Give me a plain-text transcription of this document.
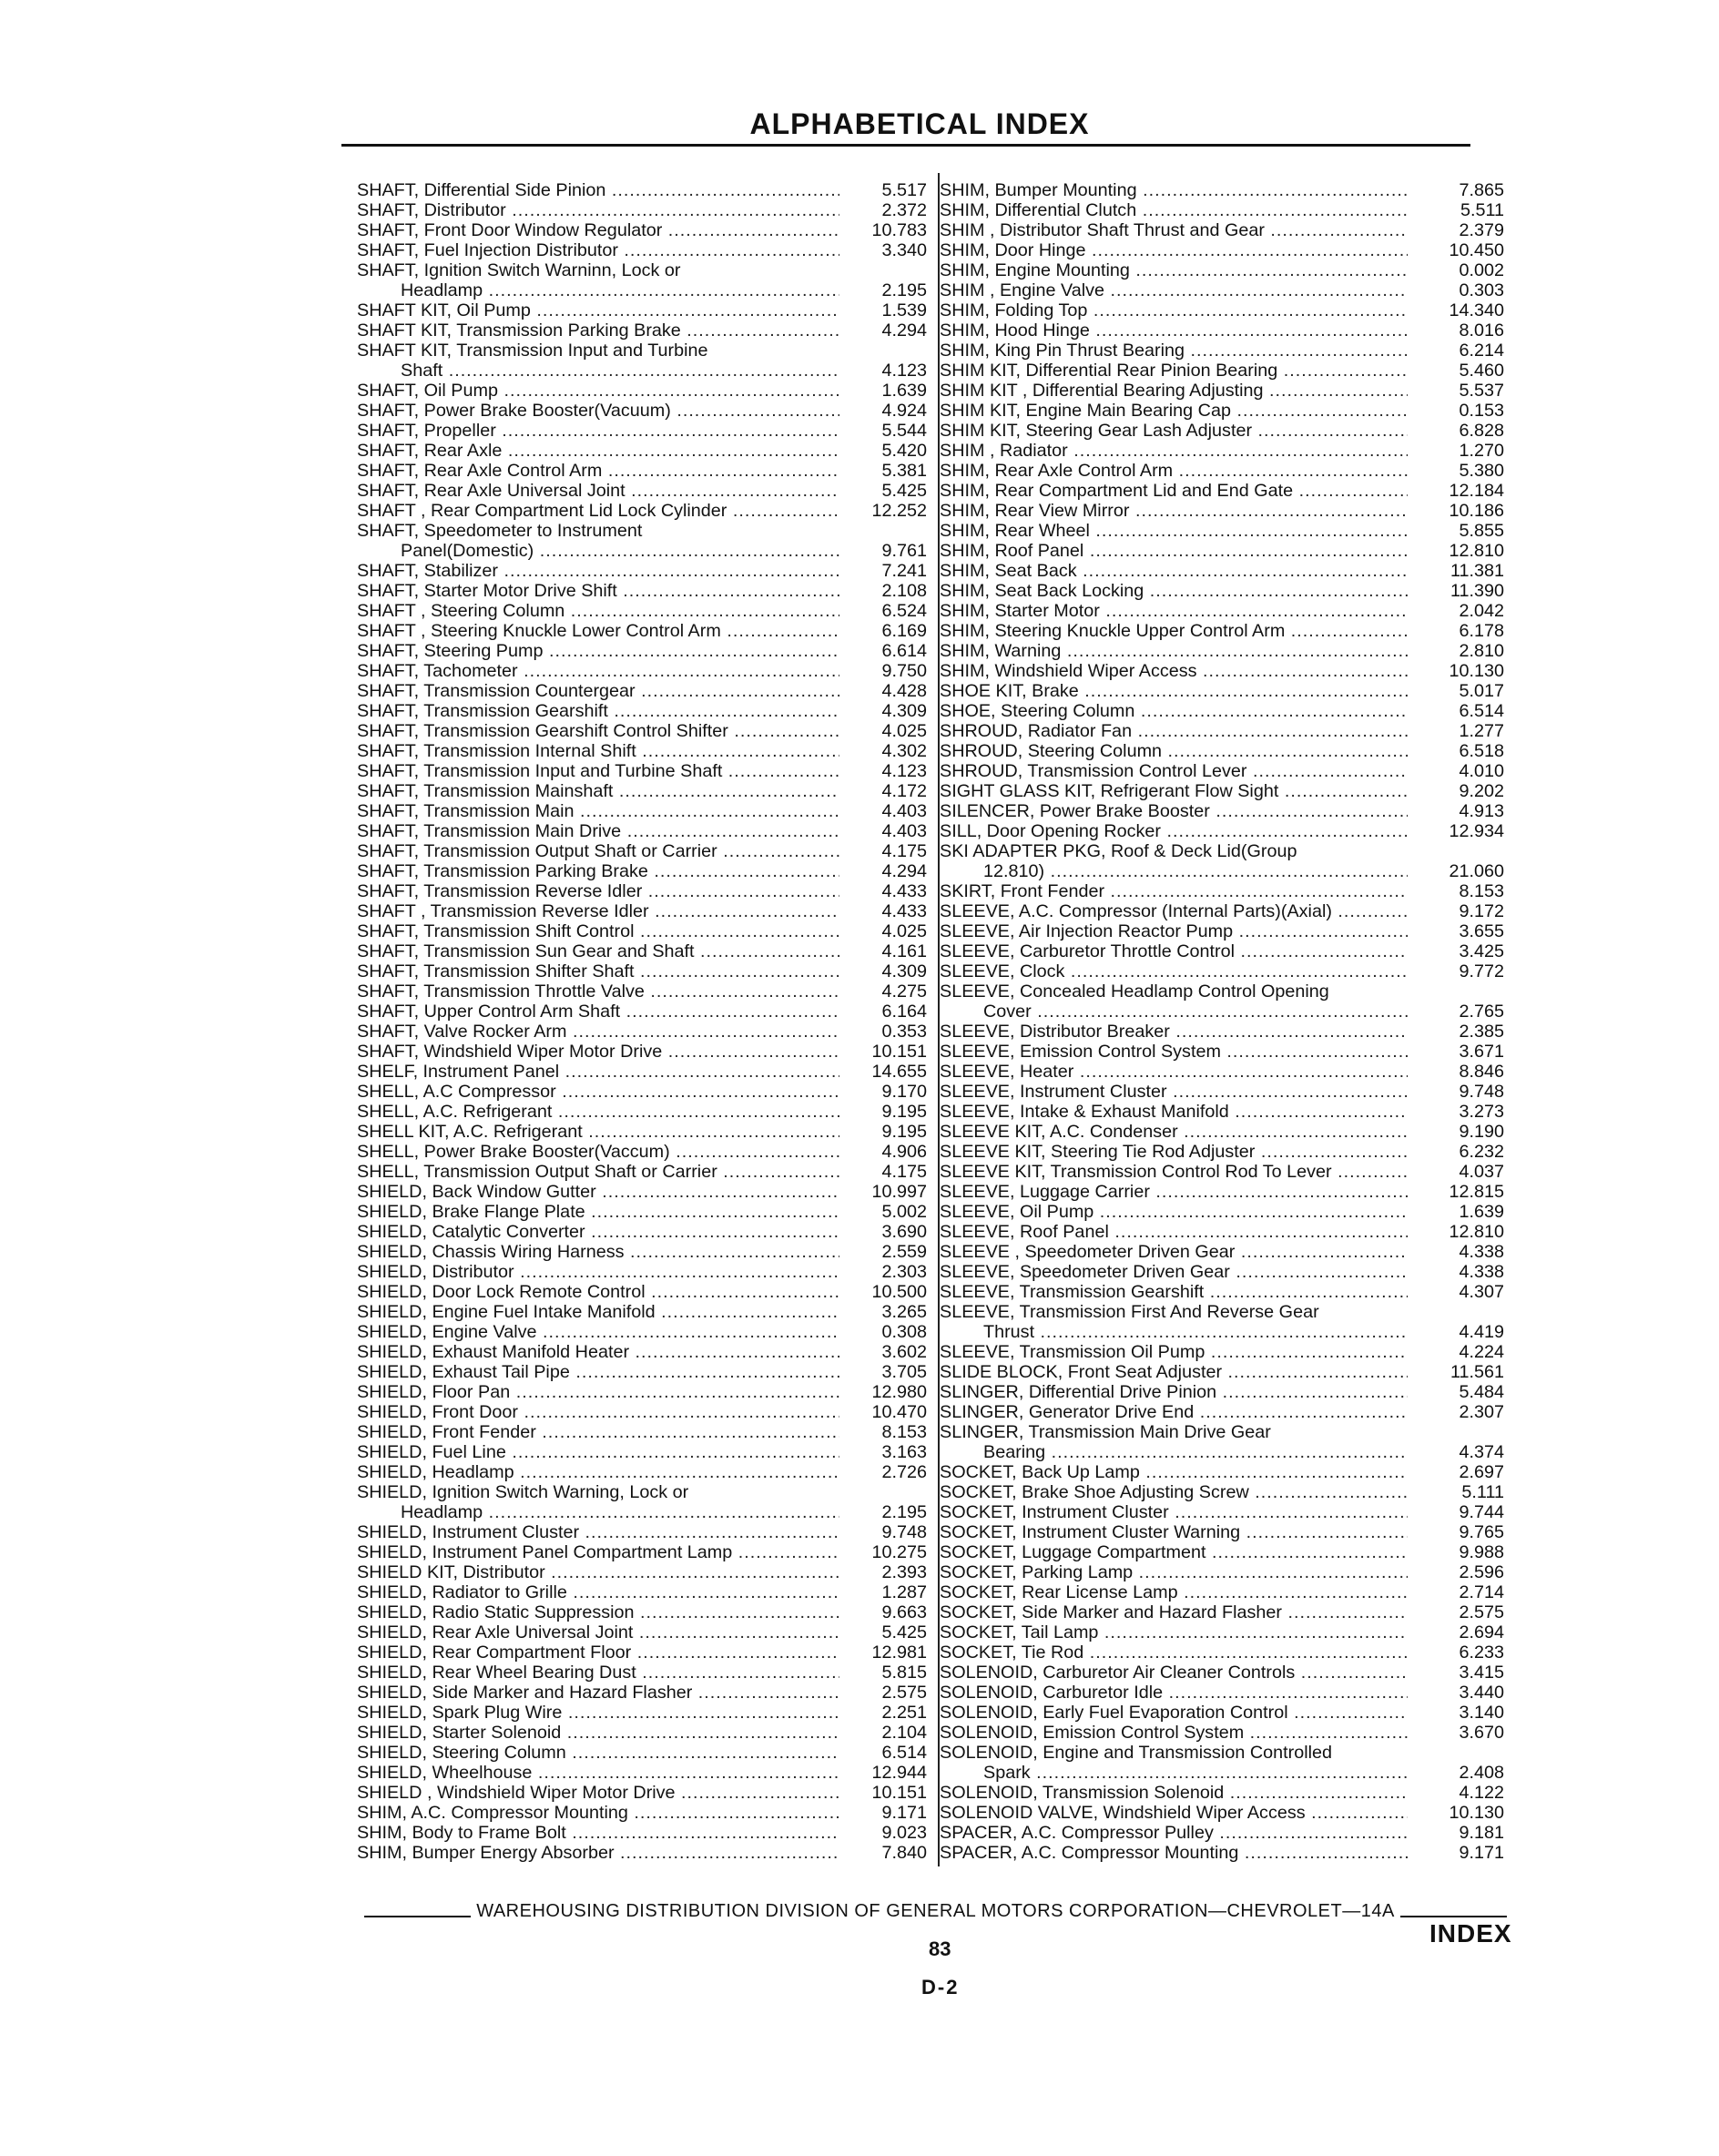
ALPHABETICAL INDEX
SHAFT, Differential Side Pinion .....	5.517
SHAFT, Distributor .....	2.372
SHAFT, Front Door Window Regulator .....	10.783
SHAFT, Fuel Injection Distributor .....	3.340
SHAFT, Ignition Switch Warninn, Lock or
Headlamp .....	2.195
SHAFT KIT, Oil Pump .....	1.539
SHAFT KIT, Transmission Parking Brake .....	4.294
SHAFT KIT, Transmission Input and Turbine
Shaft .....	4.123
SHAFT, Oil Pump .....	1.639
SHAFT, Power Brake Booster(Vacuum) .....	4.924
SHAFT, Propeller .....	5.544
SHAFT, Rear Axle .....	5.420
SHAFT, Rear Axle Control Arm .....	5.381
SHAFT, Rear Axle Universal Joint .....	5.425
SHAFT , Rear Compartment Lid Lock Cylinder .....	12.252
SHAFT, Speedometer to Instrument
Panel(Domestic) .....	9.761
SHAFT, Stabilizer .....	7.241
SHAFT, Starter Motor Drive Shift .....	2.108
SHAFT , Steering Column .....	6.524
SHAFT , Steering Knuckle Lower Control Arm .....	6.169
SHAFT, Steering Pump .....	6.614
SHAFT, Tachometer .....	9.750
SHAFT, Transmission Countergear .....	4.428
SHAFT, Transmission Gearshift .....	4.309
SHAFT, Transmission Gearshift Control Shifter .....	4.025
SHAFT, Transmission Internal Shift .....	4.302
SHAFT, Transmission Input and Turbine Shaft .....	4.123
SHAFT, Transmission Mainshaft .....	4.172
SHAFT, Transmission Main .....	4.403
SHAFT, Transmission Main Drive .....	4.403
SHAFT, Transmission Output Shaft or Carrier .....	4.175
SHAFT, Transmission Parking Brake .....	4.294
SHAFT, Transmission Reverse Idler .....	4.433
SHAFT , Transmission Reverse Idler .....	4.433
SHAFT, Transmission Shift Control .....	4.025
SHAFT, Transmission Sun Gear and Shaft .....	4.161
SHAFT, Transmission Shifter Shaft .....	4.309
SHAFT, Transmission Throttle Valve .....	4.275
SHAFT, Upper Control Arm Shaft .....	6.164
SHAFT, Valve Rocker Arm .....	0.353
SHAFT, Windshield Wiper Motor Drive .....	10.151
SHELF, Instrument Panel .....	14.655
SHELL, A.C Compressor .....	9.170
SHELL, A.C. Refrigerant .....	9.195
SHELL KIT, A.C. Refrigerant .....	9.195
SHELL, Power Brake Booster(Vaccum) .....	4.906
SHELL, Transmission Output Shaft or Carrier .....	4.175
SHIELD, Back Window Gutter .....	10.997
SHIELD, Brake Flange Plate .....	5.002
SHIELD, Catalytic Converter .....	3.690
SHIELD, Chassis Wiring Harness .....	2.559
SHIELD, Distributor .....	2.303
SHIELD, Door Lock Remote Control .....	10.500
SHIELD, Engine Fuel Intake Manifold .....	3.265
SHIELD, Engine Valve .....	0.308
SHIELD, Exhaust Manifold Heater .....	3.602
SHIELD, Exhaust Tail Pipe .....	3.705
SHIELD, Floor Pan .....	12.980
SHIELD, Front Door .....	10.470
SHIELD, Front Fender .....	8.153
SHIELD, Fuel Line .....	3.163
SHIELD, Headlamp .....	2.726
SHIELD, Ignition Switch Warning, Lock or
Headlamp .....	2.195
SHIELD, Instrument Cluster .....	9.748
SHIELD, Instrument Panel Compartment Lamp .....	10.275
SHIELD KIT, Distributor .....	2.393
SHIELD, Radiator to Grille .....	1.287
SHIELD, Radio Static Suppression .....	9.663
SHIELD, Rear Axle Universal Joint .....	5.425
SHIELD, Rear Compartment Floor .....	12.981
SHIELD, Rear Wheel Bearing Dust .....	5.815
SHIELD, Side Marker and Hazard Flasher .....	2.575
SHIELD, Spark Plug Wire .....	2.251
SHIELD, Starter Solenoid .....	2.104
SHIELD, Steering Column .....	6.514
SHIELD, Wheelhouse .....	12.944
SHIELD , Windshield Wiper Motor Drive .....	10.151
SHIM, A.C. Compressor Mounting .....	9.171
SHIM, Body to Frame Bolt .....	9.023
SHIM, Bumper Energy Absorber .....	7.840
SHIM, Bumper Mounting .....	7.865
SHIM, Differential Clutch .....	5.511
SHIM , Distributor Shaft Thrust and Gear .....	2.379
SHIM, Door Hinge .....	10.450
SHIM, Engine Mounting .....	0.002
SHIM , Engine Valve .....	0.303
SHIM, Folding Top .....	14.340
SHIM, Hood Hinge .....	8.016
SHIM, King Pin Thrust Bearing .....	6.214
SHIM KIT, Differential Rear Pinion Bearing .....	5.460
SHIM KIT , Differential Bearing Adjusting .....	5.537
SHIM KIT, Engine Main Bearing Cap .....	0.153
SHIM KIT, Steering Gear Lash Adjuster .....	6.828
SHIM , Radiator .....	1.270
SHIM, Rear Axle Control Arm .....	5.380
SHIM, Rear Compartment Lid and End Gate .....	12.184
SHIM, Rear View Mirror .....	10.186
SHIM, Rear Wheel .....	5.855
SHIM, Roof Panel .....	12.810
SHIM, Seat Back .....	11.381
SHIM, Seat Back Locking .....	11.390
SHIM, Starter Motor .....	2.042
SHIM, Steering Knuckle Upper Control Arm .....	6.178
SHIM, Warning .....	2.810
SHIM, Windshield Wiper Access .....	10.130
SHOE KIT, Brake .....	5.017
SHOE, Steering Column .....	6.514
SHROUD, Radiator Fan .....	1.277
SHROUD, Steering Column .....	6.518
SHROUD, Transmission Control Lever .....	4.010
SIGHT GLASS KIT, Refrigerant Flow Sight .....	9.202
SILENCER, Power Brake Booster .....	4.913
SILL, Door Opening Rocker .....	12.934
SKI ADAPTER PKG, Roof & Deck Lid(Group
12.810) .....	21.060
SKIRT, Front Fender .....	8.153
SLEEVE, A.C. Compressor (Internal Parts)(Axial) .....	9.172
SLEEVE, Air Injection Reactor Pump .....	3.655
SLEEVE, Carburetor Throttle Control .....	3.425
SLEEVE, Clock .....	9.772
SLEEVE, Concealed Headlamp Control Opening
Cover .....	2.765
SLEEVE, Distributor Breaker .....	2.385
SLEEVE, Emission Control System .....	3.671
SLEEVE, Heater .....	8.846
SLEEVE, Instrument Cluster .....	9.748
SLEEVE, Intake & Exhaust Manifold .....	3.273
SLEEVE KIT, A.C. Condenser .....	9.190
SLEEVE KIT, Steering Tie Rod Adjuster .....	6.232
SLEEVE KIT, Transmission Control Rod To Lever .....	4.037
SLEEVE, Luggage Carrier .....	12.815
SLEEVE, Oil Pump .....	1.639
SLEEVE, Roof Panel .....	12.810
SLEEVE , Speedometer Driven Gear .....	4.338
SLEEVE, Speedometer Driven Gear .....	4.338
SLEEVE, Transmission Gearshift .....	4.307
SLEEVE, Transmission First And Reverse Gear
Thrust .....	4.419
SLEEVE, Transmission Oil Pump .....	4.224
SLIDE BLOCK, Front Seat Adjuster .....	11.561
SLINGER, Differential Drive Pinion .....	5.484
SLINGER, Generator Drive End .....	2.307
SLINGER, Transmission Main Drive Gear
Bearing .....	4.374
SOCKET, Back Up Lamp .....	2.697
SOCKET, Brake Shoe Adjusting Screw .....	5.111
SOCKET, Instrument Cluster .....	9.744
SOCKET, Instrument Cluster Warning .....	9.765
SOCKET, Luggage Compartment .....	9.988
SOCKET, Parking Lamp .....	2.596
SOCKET, Rear License Lamp .....	2.714
SOCKET, Side Marker and Hazard Flasher .....	2.575
SOCKET, Tail Lamp .....	2.694
SOCKET, Tie Rod .....	6.233
SOLENOID, Carburetor Air Cleaner Controls .....	3.415
SOLENOID, Carburetor Idle .....	3.440
SOLENOID, Early Fuel Evaporation Control .....	3.140
SOLENOID, Emission Control System .....	3.670
SOLENOID, Engine and Transmission Controlled
Spark .....	2.408
SOLENOID, Transmission Solenoid .....	4.122
SOLENOID VALVE, Windshield Wiper Access .....	10.130
SPACER, A.C. Compressor Pulley .....	9.181
SPACER, A.C. Compressor Mounting .....	9.171
WAREHOUSING DISTRIBUTION DIVISION OF GENERAL MOTORS CORPORATION—CHEVROLET—14A
INDEX
83
D-2
